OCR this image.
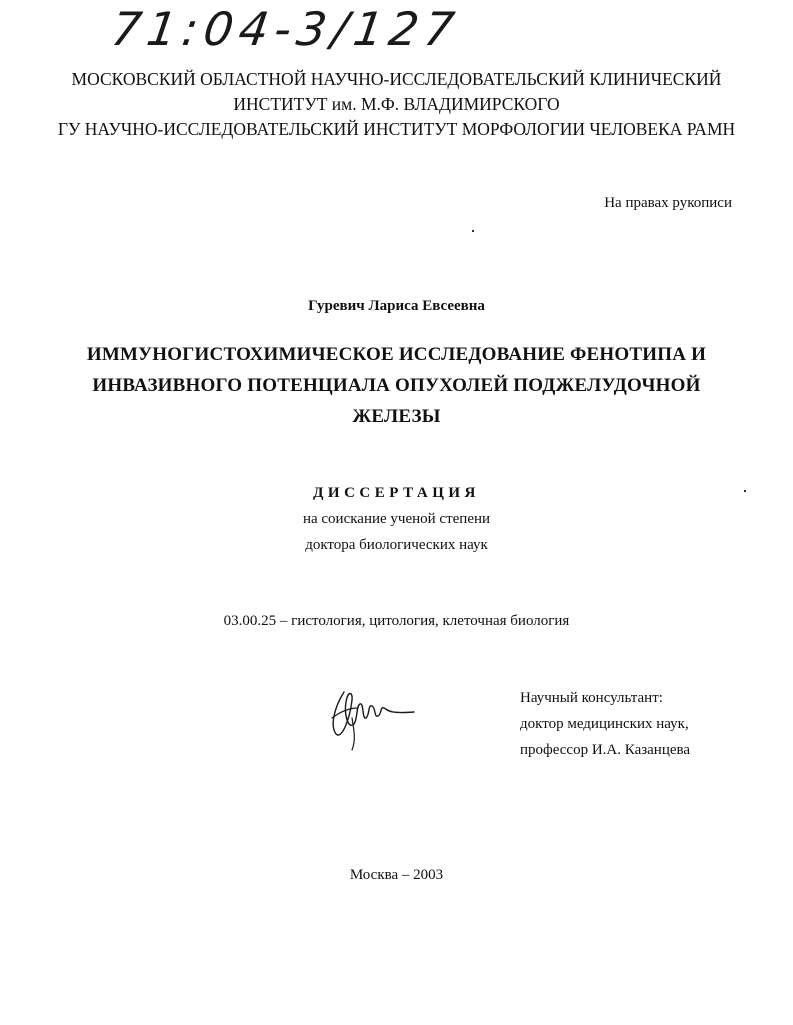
71:04-3/127
МОСКОВСКИЙ ОБЛАСТНОЙ НАУЧНО-ИССЛЕДОВАТЕЛЬСКИЙ КЛИНИЧЕСКИЙ
ИНСТИТУТ им. М.Ф. ВЛАДИМИРСКОГО
ГУ НАУЧНО-ИССЛЕДОВАТЕЛЬСКИЙ ИНСТИТУТ МОРФОЛОГИИ ЧЕЛОВЕКА РАМН
На правах рукописи
Гуревич Лариса Евсеевна
ИММУНОГИСТОХИМИЧЕСКОЕ ИССЛЕДОВАНИЕ ФЕНОТИПА И
ИНВАЗИВНОГО ПОТЕНЦИАЛА ОПУХОЛЕЙ ПОДЖЕЛУДОЧНОЙ
ЖЕЛЕЗЫ
ДИССЕРТАЦИЯ
на соискание ученой степени
доктора биологических наук
03.00.25 – гистология, цитология, клеточная биология
Научный консультант:
доктор медицинских наук,
профессор И.А. Казанцева
Москва – 2003
